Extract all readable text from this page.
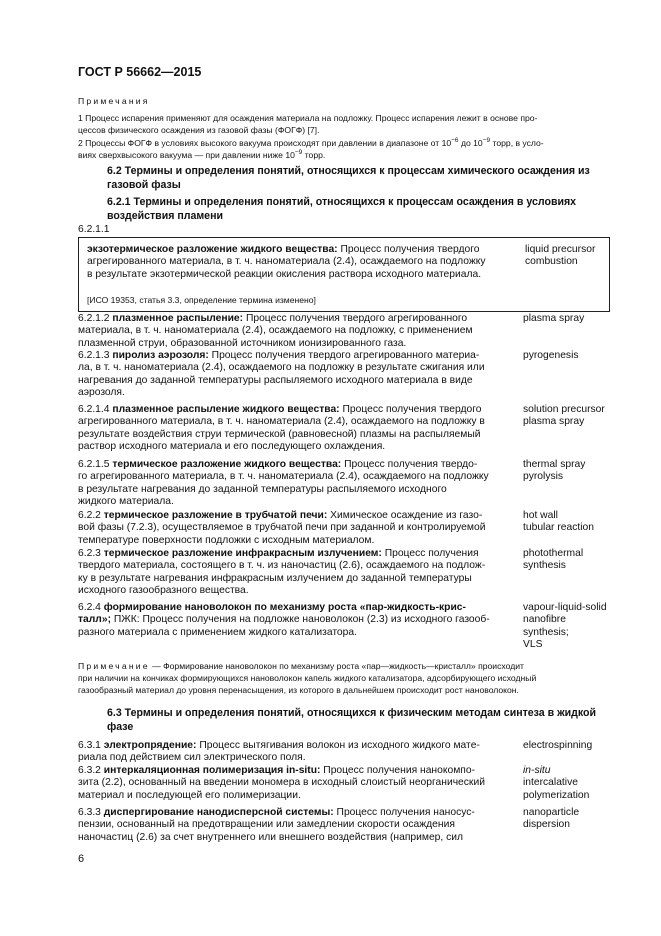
ГОСТ Р 56662—2015
Примечания
1 Процесс испарения применяют для осаждения материала на подложку. Процесс испарения лежит в основе про-
цессов физического осаждения из газовой фазы (ФОГФ) [7].
2 Процессы ФОГФ в условиях высокого вакуума происходят при давлении в диапазоне от $10^{-6}$ до $10^{-9}$ торр, в усло-
виях сверхвысокого вакуума — при давлении ниже $10^{-9}$ торр.
6.2 Термины и определения понятий, относящихся к процессам химического осаждения из
газовой фазы
6.2.1 Термины и определения понятий, относящихся к процессам осаждения в условиях
воздействия пламени
6.2.1.1
экзотермическое разложение жидкого вещества: Процесс получения твердого
агрегированного материала, в т. ч. наноматериала (2.4), осаждаемого на подложку
в результате экзотермической реакции окисления раствора исходного материала.
liquid precursor
combustion
[ИСО 19353, статья 3.3, определение термина изменено]
6.2.1.2 плазменное распыление: Процесс получения твердого агрегированного
материала, в т. ч. наноматериала (2.4), осаждаемого на подложку, с применением
плазменной струи, образованной источником ионизированного газа.
plasma spray
6.2.1.3 пиролиз аэрозоля: Процесс получения твердого агрегированного материа-
ла, в т. ч. наноматериала (2.4), осаждаемого на подложку в результате сжигания или
нагревания до заданной температуры распыляемого исходного материала в виде
аэрозоля.
pyrogenesis
6.2.1.4 плазменное распыление жидкого вещества: Процесс получения твердого
агрегированного материала, в т. ч. наноматериала (2.4), осаждаемого на подложку в
результате воздействия струи термической (равновесной) плазмы на распыляемый
раствор исходного материала и его последующего охлаждения.
solution precursor
plasma spray
6.2.1.5 термическое разложение жидкого вещества: Процесс получения твердо-
го агрегированного материала, в т. ч. наноматериала (2.4), осаждаемого на подложку
в результате нагревания до заданной температуры распыляемого исходного
жидкого материала.
thermal spray
pyrolysis
6.2.2 термическое разложение в трубчатой печи: Химическое осаждение из газо-
вой фазы (7.2.3), осуществляемое в трубчатой печи при заданной и контролируемой
температуре поверхности подложки с исходным материалом.
hot wall
tubular reaction
6.2.3 термическое разложение инфракрасным излучением: Процесс получения
твердого материала, состоящего в т. ч. из наночастиц (2.6), осаждаемого на подлож-
ку в результате нагревания инфракрасным излучением до заданной температуры
исходного газообразного вещества.
photothermal
synthesis
6.2.4 формирование нановолокон по механизму роста «пар-жидкость-крис-
талл»; ПЖК: Процесс получения на подложке нановолокон (2.3) из исходного газооб-
разного материала с применением жидкого катализатора.
vapour-liquid-solid
nanofibre
synthesis;
VLS
Примечание — Формирование нановолокон по механизму роста «пар—жидкость—кристалл» происходит
при наличии на кончиках формирующихся нановолокон капель жидкого катализатора, адсорбирующего исходный
газообразный материал до уровня перенасыщения, из которого в дальнейшем происходит рост нановолокон.
6.3 Термины и определения понятий, относящихся к физическим методам синтеза в жидкой
фазе
6.3.1 электропрядение: Процесс вытягивания волокон из исходного жидкого матe-
риала под действием сил электрического поля.
electrospinning
6.3.2 интеркаляционная полимеризация in-situ: Процесс получения нанокомпо-
зита (2.2), основанный на введении мономера в исходный слоистый неорганический
материал и последующей его полимеризации.
in-situ
intercalative
polymerization
6.3.3 диспергирование нанодисперсной системы: Процесс получения наносус-
пензии, основанный на предотвращении или замедлении скорости осаждения
наночастиц (2.6) за счет внутреннего или внешнего воздействия (например, сил
nanoparticle
dispersion
6
